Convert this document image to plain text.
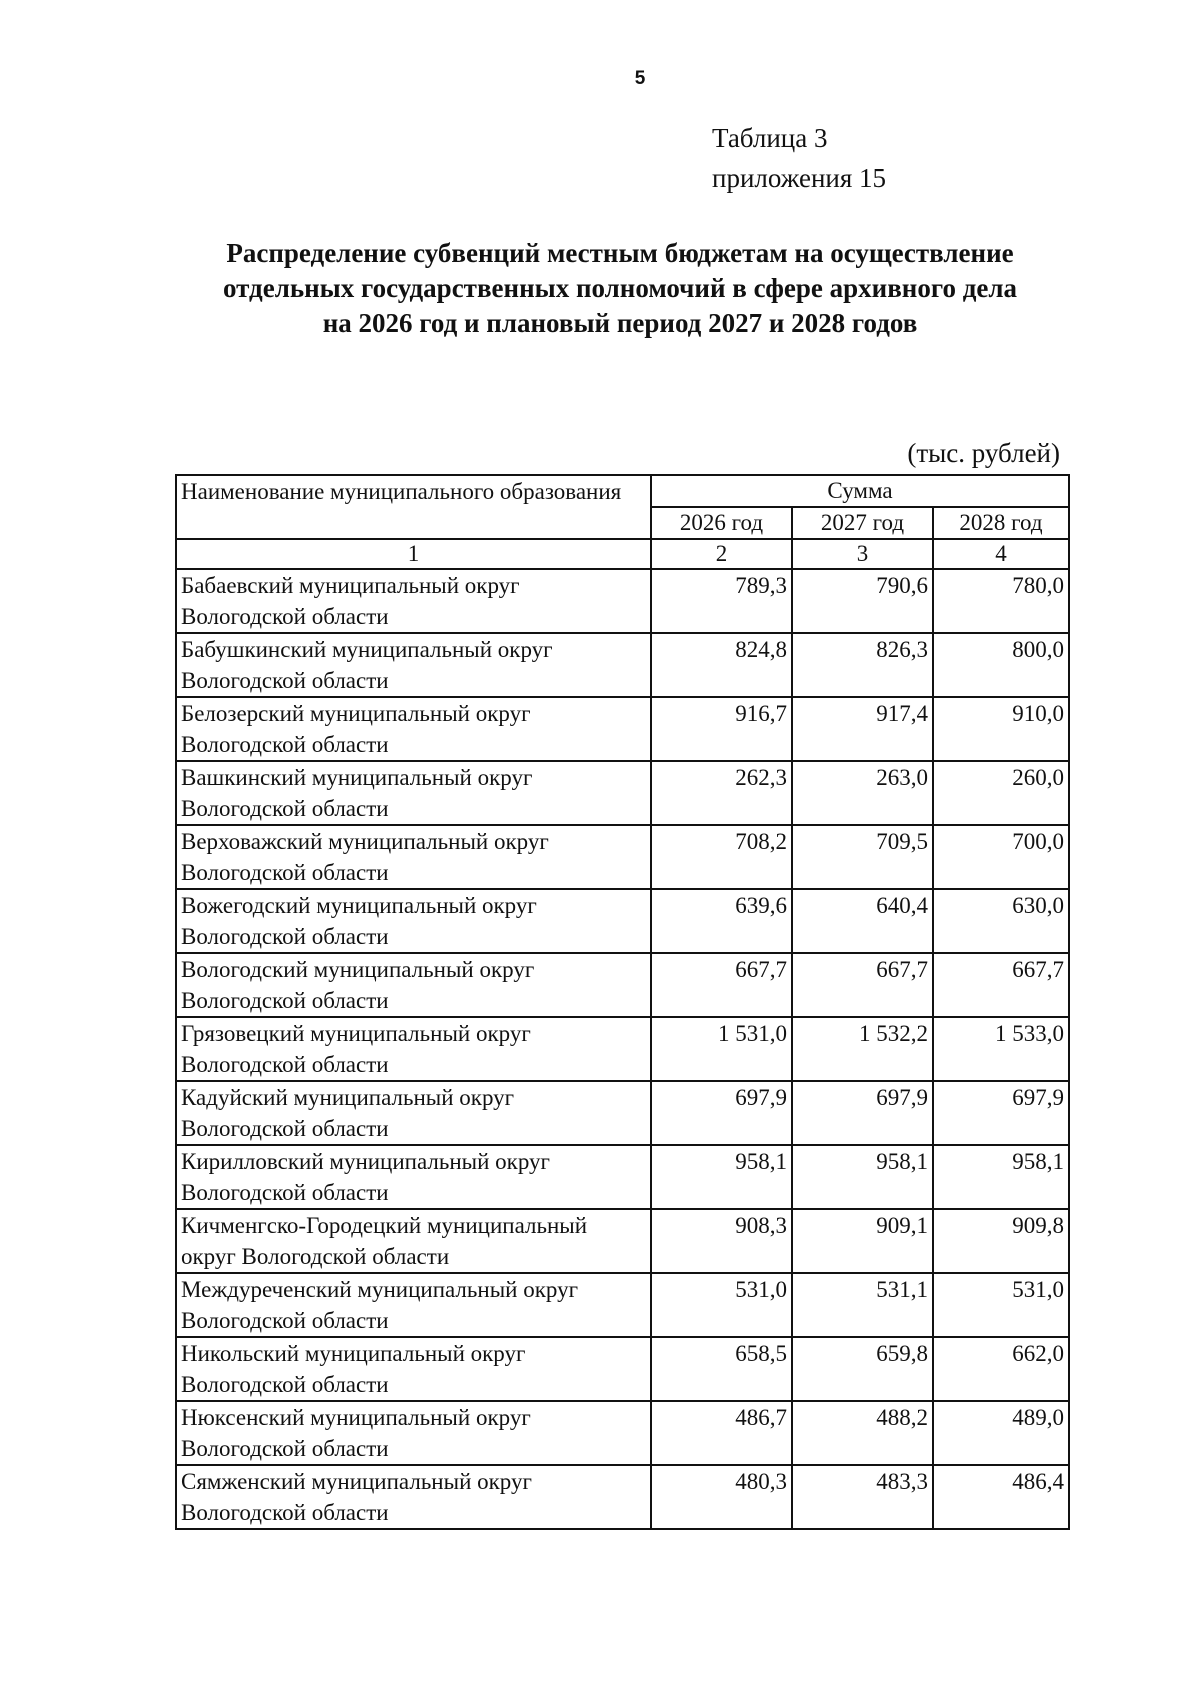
5
Таблица 3
приложения 15
Распределение субвенций местным бюджетам на осуществление
отдельных государственных полномочий в сфере архивного дела
на 2026 год и плановый период 2027 и 2028 годов
(тыс. рублей)
Наименование муниципального образования	Сумма		
	2026 год	2027 год	2028 год
1	2	3	4

Бабаевский муниципальный округ
Вологодской области	789,3	790,6	780,0

Бабушкинский муниципальный округ
Вологодской области	824,8	826,3	800,0

Белозерский муниципальный округ
Вологодской области	916,7	917,4	910,0

Вашкинский муниципальный округ
Вологодской области	262,3	263,0	260,0

Верховажский муниципальный округ
Вологодской области	708,2	709,5	700,0

Вожегодский муниципальный округ
Вологодской области	639,6	640,4	630,0

Вологодский муниципальный округ
Вологодской области	667,7	667,7	667,7

Грязовецкий муниципальный округ
Вологодской области	1 531,0	1 532,2	1 533,0

Кадуйский муниципальный округ
Вологодской области	697,9	697,9	697,9

Кирилловский муниципальный округ
Вологодской области	958,1	958,1	958,1

Кичменгско-Городецкий муниципальный
округ Вологодской области	908,3	909,1	909,8

Междуреченский муниципальный округ
Вологодской области	531,0	531,1	531,0

Никольский муниципальный округ
Вологодской области	658,5	659,8	662,0

Нюксенский муниципальный округ
Вологодской области	486,7	488,2	489,0

Сямженский муниципальный округ
Вологодской области	480,3	483,3	486,4
